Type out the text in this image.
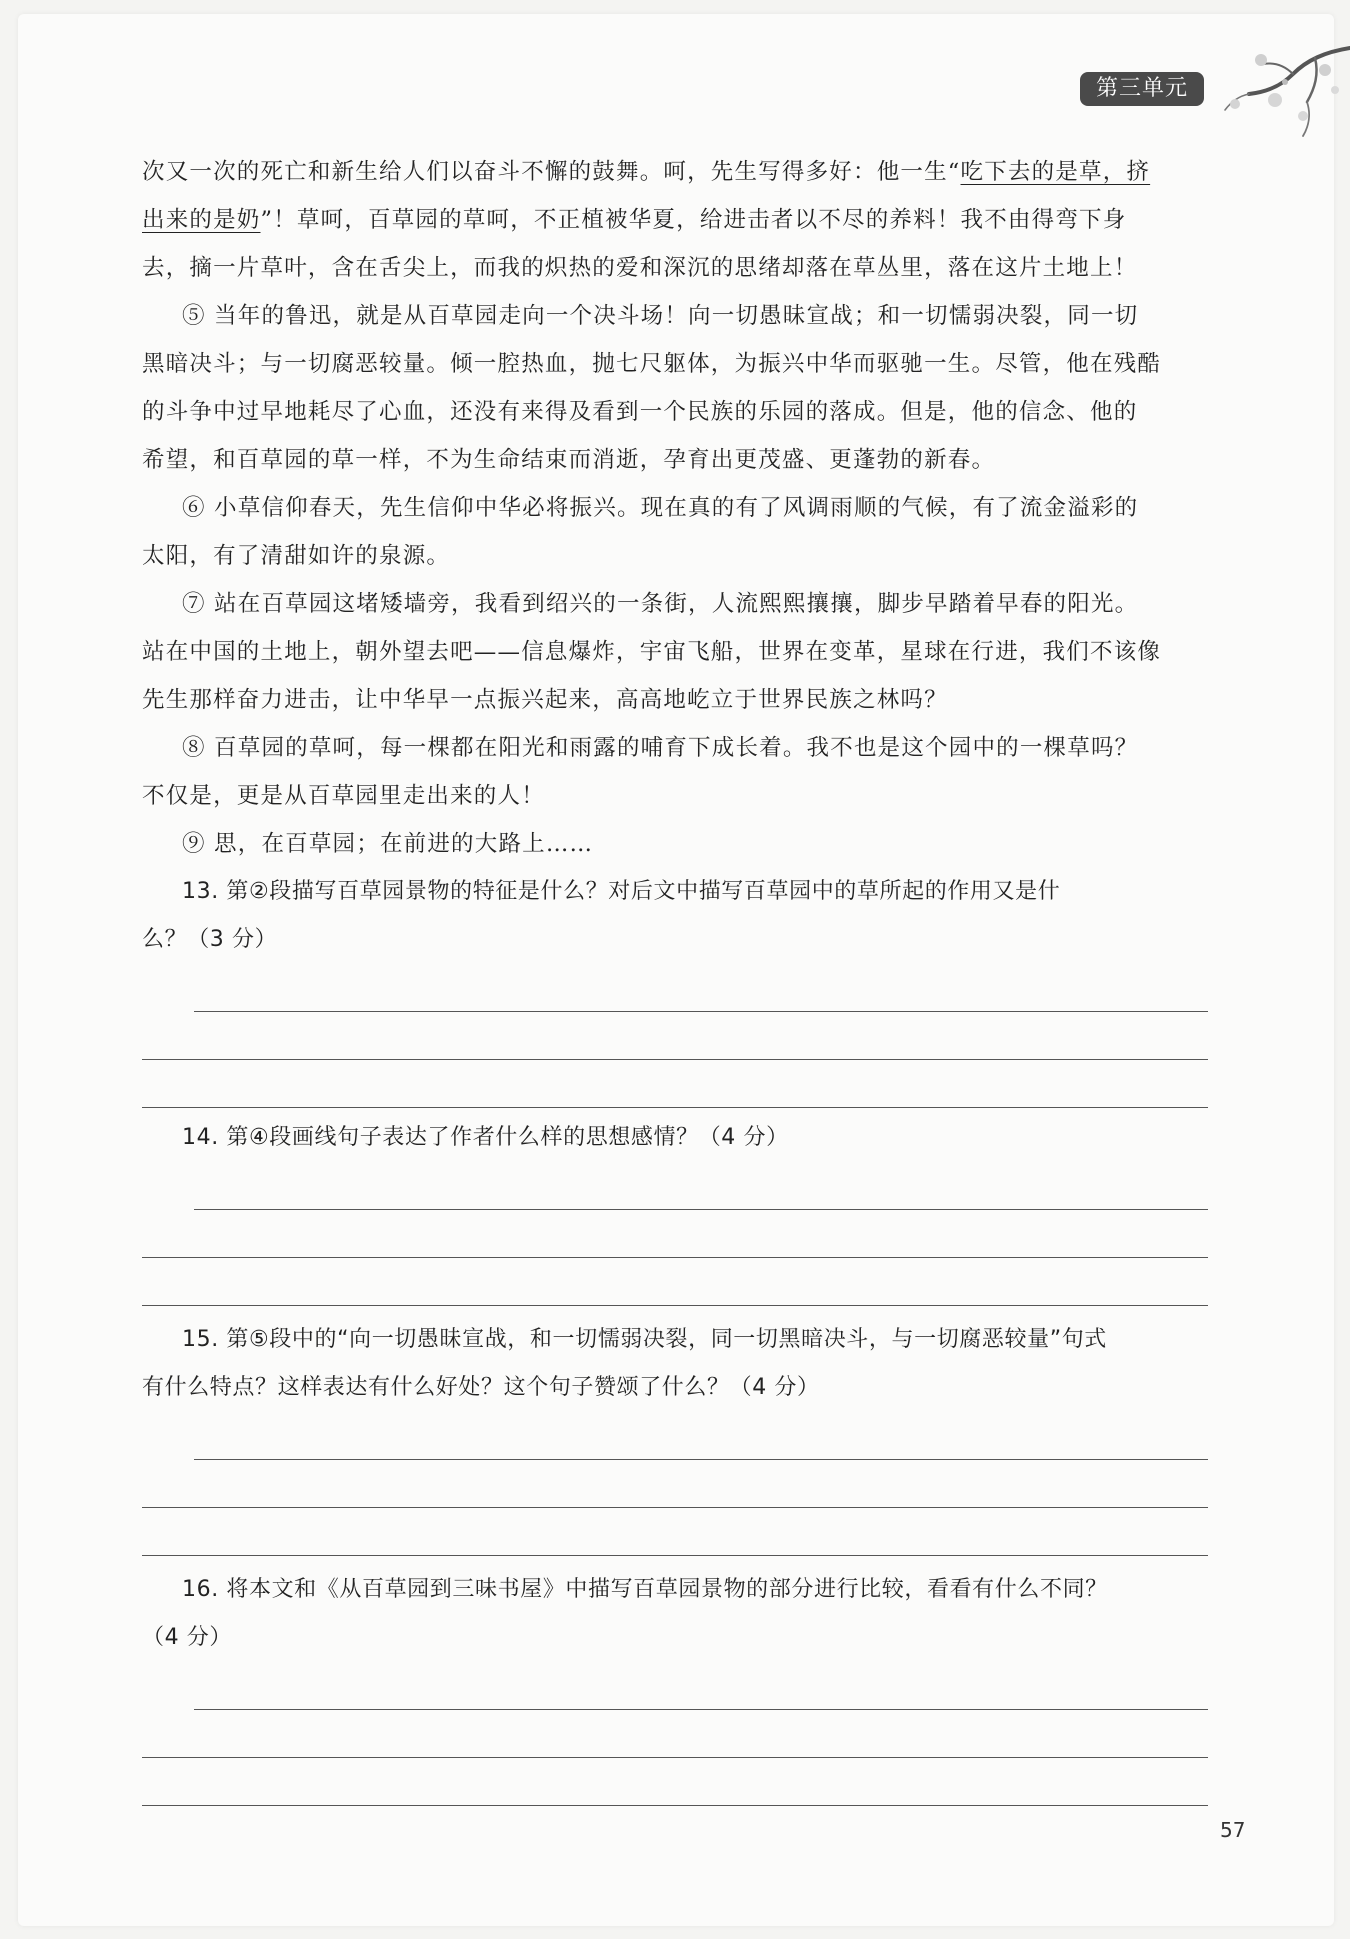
第三单元
次又一次的死亡和新生给人们以奋斗不懈的鼓舞。呵，先生写得多好：他一生“吃下去的是草，挤
出来的是奶”！草呵，百草园的草呵，不正植被华夏，给进击者以不尽的养料！我不由得弯下身
去，摘一片草叶，含在舌尖上，而我的炽热的爱和深沉的思绪却落在草丛里，落在这片土地上！
⑤ 当年的鲁迅，就是从百草园走向一个决斗场！向一切愚昧宣战；和一切懦弱决裂，同一切
黑暗决斗；与一切腐恶较量。倾一腔热血，抛七尺躯体，为振兴中华而驱驰一生。尽管，他在残酷
的斗争中过早地耗尽了心血，还没有来得及看到一个民族的乐园的落成。但是，他的信念、他的
希望，和百草园的草一样，不为生命结束而消逝，孕育出更茂盛、更蓬勃的新春。
⑥ 小草信仰春天，先生信仰中华必将振兴。现在真的有了风调雨顺的气候，有了流金溢彩的
太阳，有了清甜如许的泉源。
⑦ 站在百草园这堵矮墙旁，我看到绍兴的一条街，人流熙熙攘攘，脚步早踏着早春的阳光。
站在中国的土地上，朝外望去吧——信息爆炸，宇宙飞船，世界在变革，星球在行进，我们不该像
先生那样奋力进击，让中华早一点振兴起来，高高地屹立于世界民族之林吗？
⑧ 百草园的草呵，每一棵都在阳光和雨露的哺育下成长着。我不也是这个园中的一棵草吗？
不仅是，更是从百草园里走出来的人！
⑨ 思，在百草园；在前进的大路上……
13. 第②段描写百草园景物的特征是什么？对后文中描写百草园中的草所起的作用又是什
么？（3 分）
14. 第④段画线句子表达了作者什么样的思想感情？（4 分）
15. 第⑤段中的“向一切愚昧宣战，和一切懦弱决裂，同一切黑暗决斗，与一切腐恶较量”句式
有什么特点？这样表达有什么好处？这个句子赞颂了什么？（4 分）
16. 将本文和《从百草园到三味书屋》中描写百草园景物的部分进行比较，看看有什么不同？
（4 分）
57
